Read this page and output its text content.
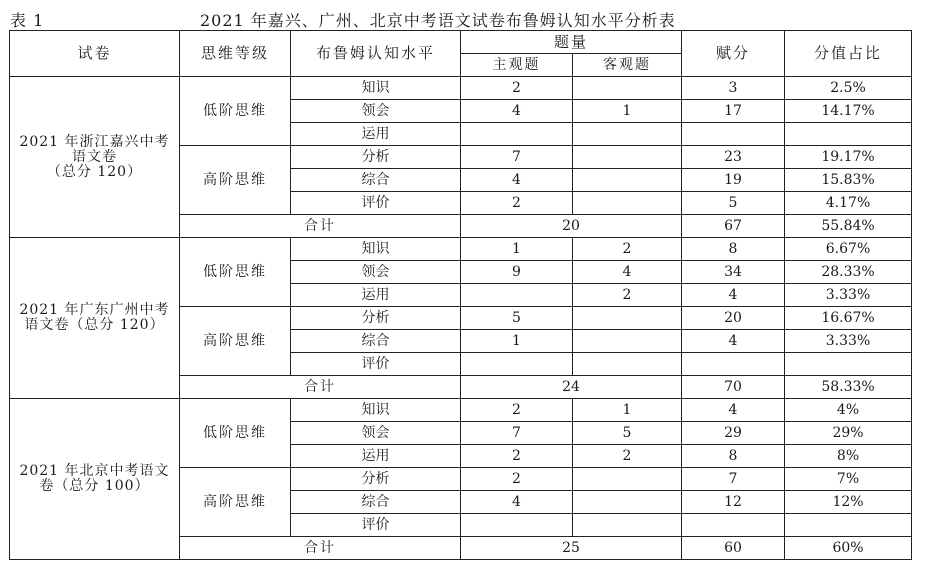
表 1	2021 年嘉兴、广州、北京中考语文试卷布鲁姆认知水平分析表
试卷	思维等级	布鲁姆认知水平	题量		赋分	分值占比
			主观题	客观题		

2021 年浙江嘉兴中考
语文卷
（总分 120）	低阶思维	知识	2		3	2.5%
		领会	4	1	17	14.17%
		运用				
	高阶思维	分析	7		23	19.17%
		综合	4		19	15.83%
		评价	2		5	4.17%
	合计		20		67	55.84%

2021 年广东广州中考
语文卷（总分 120）	低阶思维	知识	1	2	8	6.67%
		领会	9	4	34	28.33%
		运用		2	4	3.33%
	高阶思维	分析	5		20	16.67%
		综合	1		4	3.33%
		评价				
	合计		24		70	58.33%

2021 年北京中考语文
卷（总分 100）	低阶思维	知识	2	1	4	4%
		领会	7	5	29	29%
		运用	2	2	8	8%
	高阶思维	分析	2		7	7%
		综合	4		12	12%
		评价				
	合计		25		60	60%
